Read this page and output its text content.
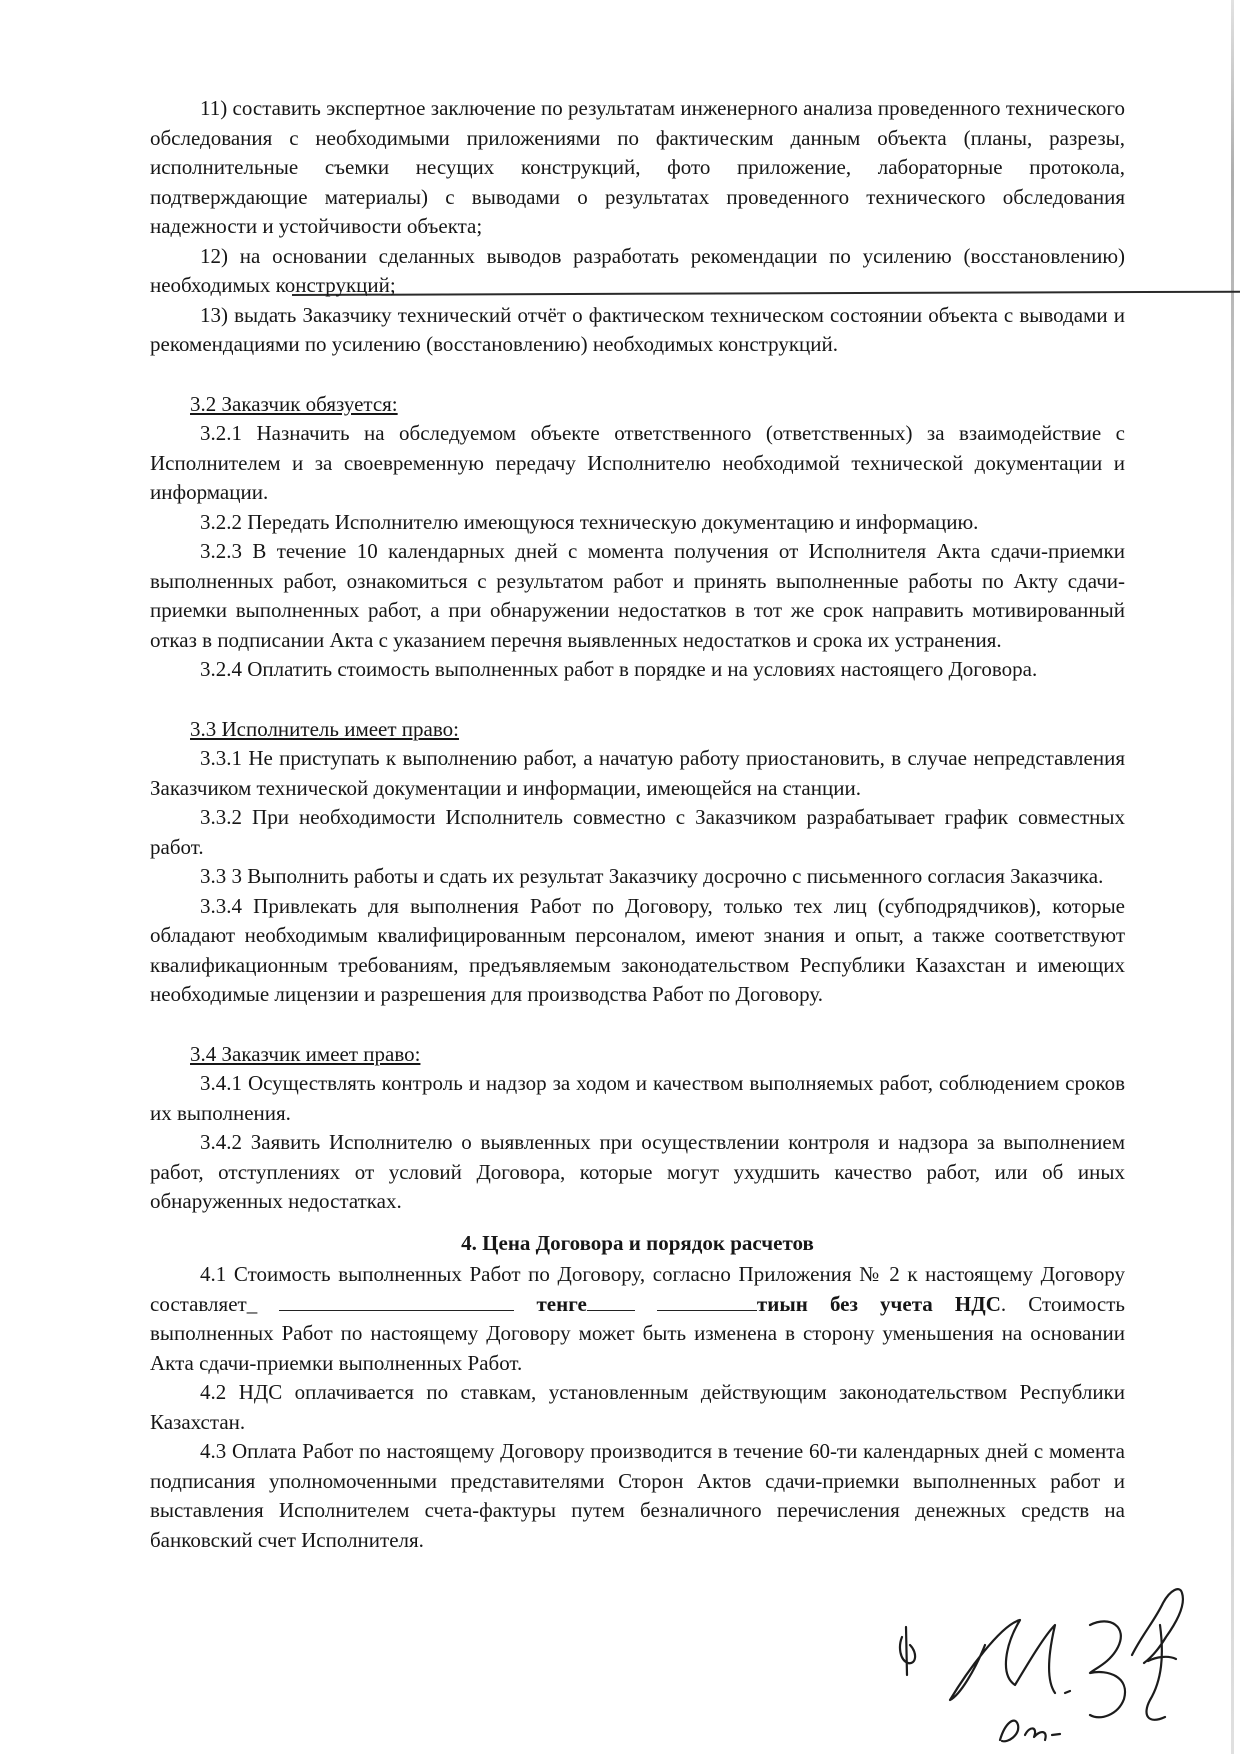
11) составить экспертное заключение по результатам инженерного анализа проведенного технического обследования с необходимыми приложениями по фактическим данным объекта (планы, разрезы, исполнительные съемки несущих конструкций, фото приложение, лабораторные протокола, подтверждающие материалы) с выводами о результатах проведенного технического обследования надежности и устойчивости объекта;

12) на основании сделанных выводов разработать рекомендации по усилению (восстановлению) необходимых конструкций;

13) выдать Заказчику технический отчёт о фактическом техническом состоянии объекта с выводами и рекомендациями по усилению (восстановлению) необходимых конструкций.

3.2 Заказчик обязуется:

3.2.1 Назначить на обследуемом объекте ответственного (ответственных) за взаимодействие с Исполнителем и за своевременную передачу Исполнителю необходимой технической документации и информации.

3.2.2 Передать Исполнителю имеющуюся техническую документацию и информацию.

3.2.3 В течение 10 календарных дней с момента получения от Исполнителя Акта сдачи-приемки выполненных работ, ознакомиться с результатом работ и принять выполненные работы по Акту сдачи-приемки выполненных работ, а при обнаружении недостатков в тот же срок направить мотивированный отказ в подписании Акта с указанием перечня выявленных недостатков и срока их устранения.

3.2.4 Оплатить стоимость выполненных работ в порядке и на условиях настоящего Договора.

3.3 Исполнитель имеет право:

3.3.1 Не приступать к выполнению работ, а начатую работу приостановить, в случае непредставления Заказчиком технической документации и информации, имеющейся на станции.

3.3.2 При необходимости Исполнитель совместно с Заказчиком разрабатывает график совместных работ.

3.3 3 Выполнить работы и сдать их результат Заказчику досрочно с письменного согласия Заказчика.

3.3.4 Привлекать для выполнения Работ по Договору, только тех лиц (субподрядчиков), которые обладают необходимым квалифицированным персоналом, имеют знания и опыт, а также соответствуют квалификационным требованиям, предъявляемым законодательством Республики Казахстан и имеющих необходимые лицензии и разрешения для производства Работ по Договору.

3.4 Заказчик имеет право:

3.4.1 Осуществлять контроль и надзор за ходом и качеством выполняемых работ, соблюдением сроков их выполнения.

3.4.2 Заявить Исполнителю о выявленных при осуществлении контроля и надзора за выполнением работ, отступлениях от условий Договора, которые могут ухудшить качество работ, или об иных обнаруженных недостатках.

4. Цена Договора и порядок расчетов

4.1 Стоимость выполненных Работ по Договору, согласно Приложения № 2 к настоящему Договору составляет_	тенге	тиын без учета НДС. Стоимость выполненных Работ по настоящему Договору может быть изменена в сторону уменьшения на основании Акта сдачи-приемки выполненных Работ.

4.2 НДС оплачивается по ставкам, установленным действующим законодательством Республики Казахстан.

4.3 Оплата Работ по настоящему Договору производится в течение 60-ти календарных дней с момента подписания уполномоченными представителями Сторон Актов сдачи-приемки выполненных работ и выставления Исполнителем счета-фактуры путем безналичного перечисления денежных средств на банковский счет Исполнителя.
